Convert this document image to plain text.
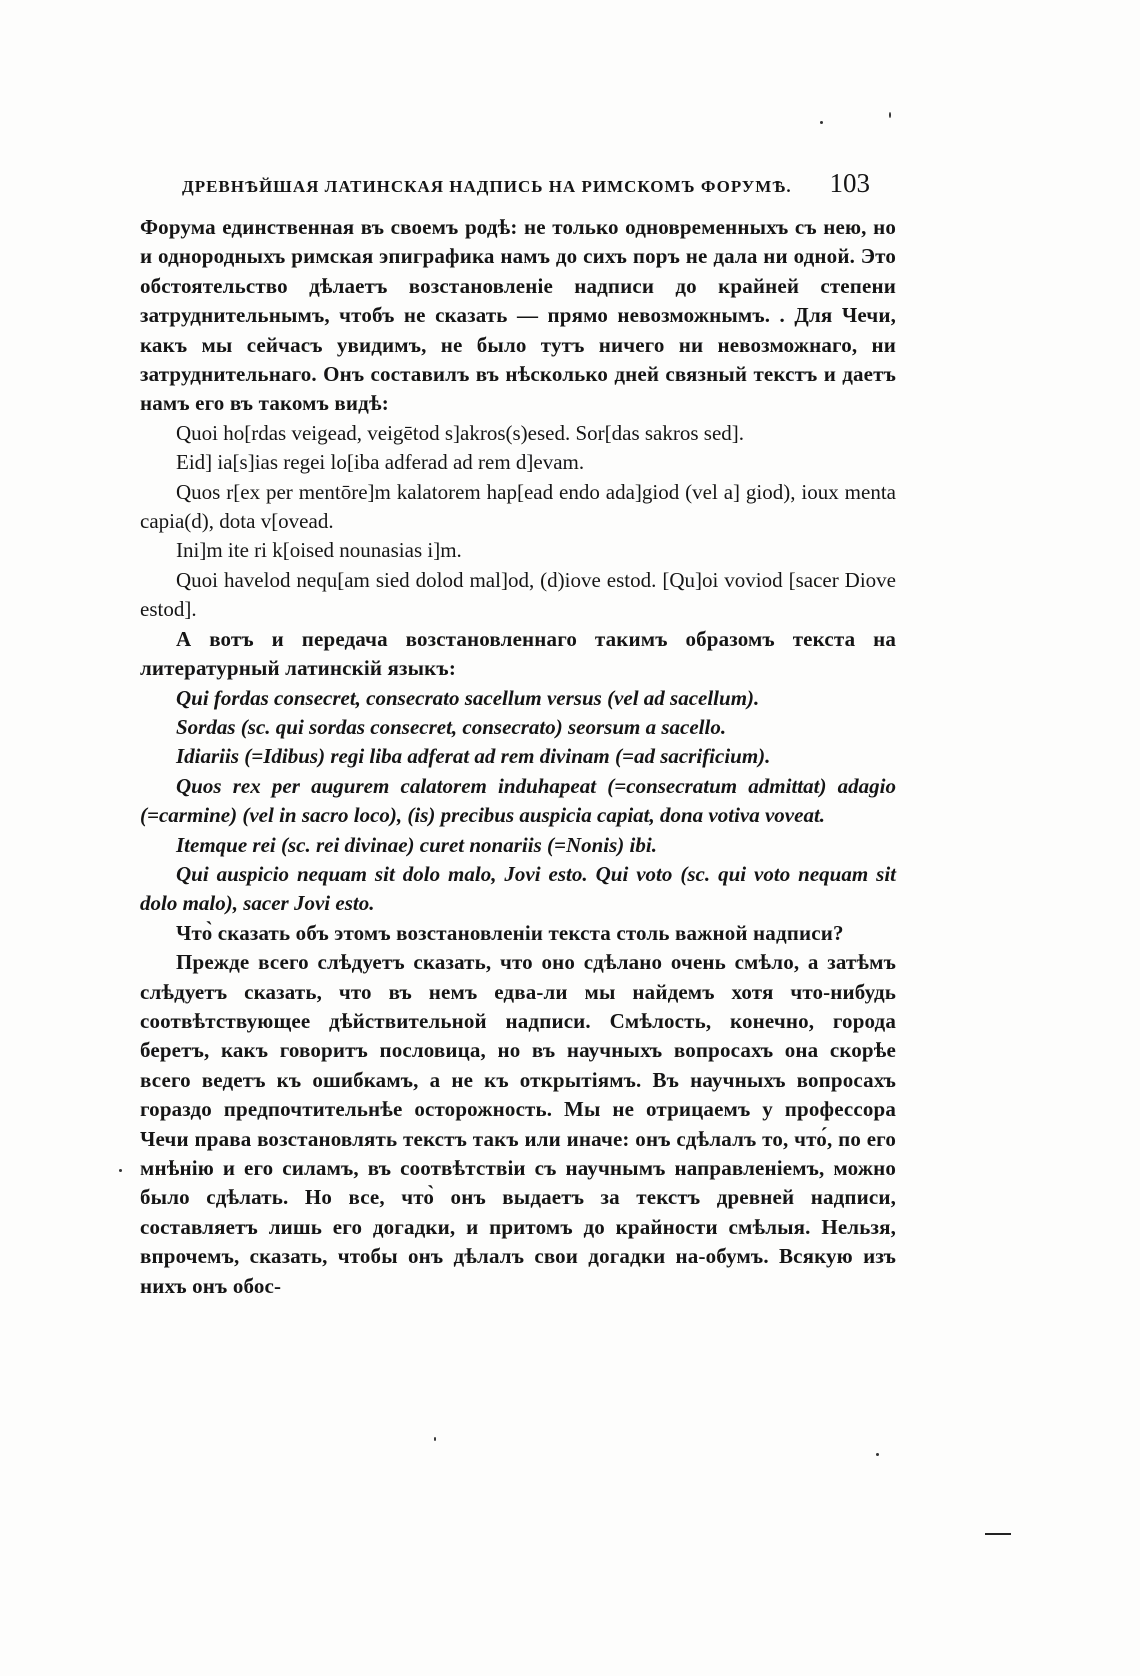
ДРЕВНѢЙШАЯ ЛАТИНСКАЯ НАДПИСЬ НА РИМСКОМЪ ФОРУМѢ. 103

Форума единственная въ своемъ родѣ: не только одновременныхъ съ нею, но и однородныхъ римская эпиграфика намъ до сихъ поръ не дала ни одной. Это обстоятельство дѣлаетъ возстановленіе надписи до крайней степени затруднительнымъ, чтобъ не сказать — прямо невозможнымъ. . Для Чечи, какъ мы сейчасъ увидимъ, не было тутъ ничего ни невозможнаго, ни затруднительнаго. Онъ составилъ въ нѣсколько дней связный текстъ и даетъ намъ его въ такомъ видѣ:

Quoi ho[rdas veigead, veigētod s]akros(s)esed. Sor[das sakros sed].

Eid] ia[s]ias regei lo[iba adferad ad rem d]evam.

Quos r[ex per mentōre]m kalatorem hap[ead endo ada]giod (vel a] giod), ioux menta capia(d), dota v[ovead.

Ini]m ite ri k[oised nounasias i]m.

Quoi havelod nequ[am sied dolod mal]od, (d)iove estod. [Qu]oi voviod [sacer Diove estod].

А вотъ и передача возстановленнаго такимъ образомъ текста на литературный латинскій языкъ:

Qui fordas consecret, consecrato sacellum versus (vel ad sacellum).

Sordas (sc. qui sordas consecret, consecrato) seorsum a sacello.

Idiariis (=Idibus) regi liba adferat ad rem divinam (=ad sacrificium).

Quos rex per augurem calatorem induhapeat (=consecratum admittat) adagio (=carmine) (vel in sacro loco), (is) precibus auspicia capiat, dona votiva voveat.

Itemque rei (sc. rei divinae) curet nonariis (=Nonis) ibi.

Qui auspicio nequam sit dolo malo, Jovi esto. Qui voto (sc. qui voto nequam sit dolo malo), sacer Jovi esto.

Что̀ сказать объ этомъ возстановленіи текста столь важной надписи?

Прежде всего слѣдуетъ сказать, что оно сдѣлано очень смѣло, а затѣмъ слѣдуетъ сказать, что въ немъ едва-ли мы найдемъ хотя что-нибудь соотвѣтствующее дѣйствительной надписи. Смѣлость, конечно, города беретъ, какъ говоритъ пословица, но въ научныхъ вопросахъ она скорѣе всего ведетъ къ ошибкамъ, а не къ открытіямъ. Въ научныхъ вопросахъ гораздо предпочтительнѣе осторожность. Мы не отрицаемъ у профессора Чечи права возстановлять текстъ такъ или иначе: онъ сдѣлалъ то, что́, по его мнѣнію и его силамъ, въ соотвѣтствіи съ научнымъ направленіемъ, можно было сдѣлать. Но все, что̀ онъ выдаетъ за текстъ древней надписи, составляетъ лишь его догадки, и притомъ до крайности смѣлыя. Нельзя, впрочемъ, сказать, чтобы онъ дѣлалъ свои догадки на-обумъ. Всякую изъ нихъ онъ обос-
